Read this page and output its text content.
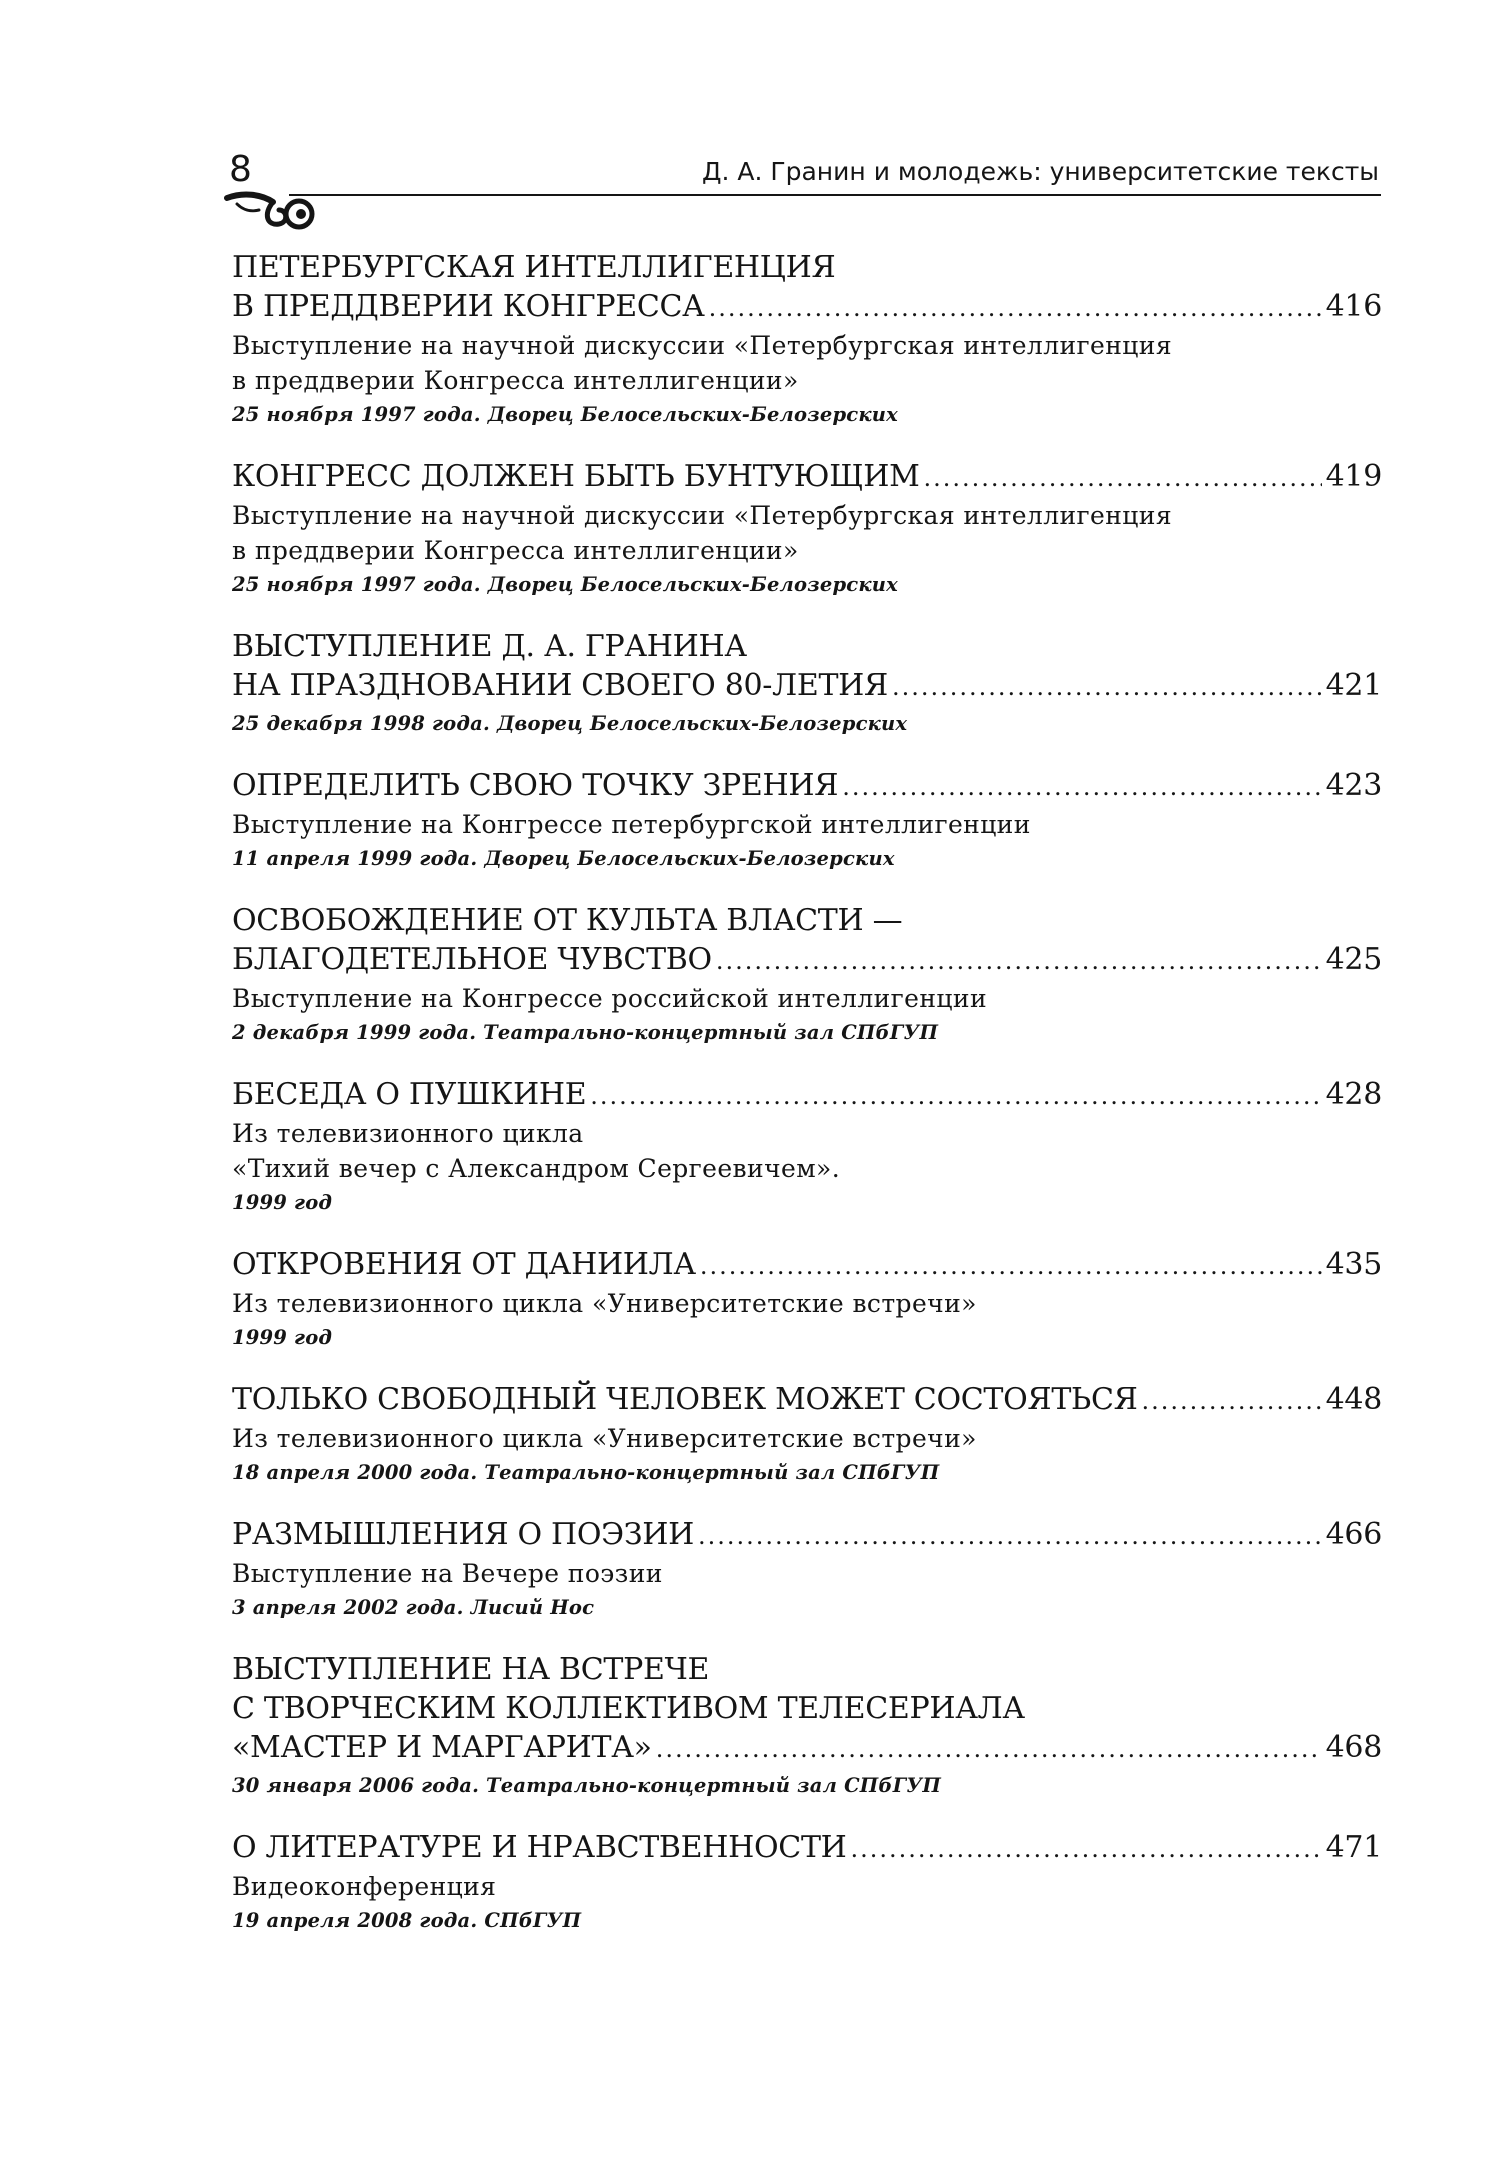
8	Д. А. Гранин и молодежь: университетские тексты
ПЕТЕРБУРГСКАЯ ИНТЕЛЛИГЕНЦИЯ
В ПРЕДДВЕРИИ КОНГРЕССА .....	416
Выступление на научной дискуссии «Петербургская интеллигенция
в преддверии Конгресса интеллигенции»
25 ноября 1997 года. Дворец Белосельских-Белозерских
КОНГРЕСС ДОЛЖЕН БЫТЬ БУНТУЮЩИМ .....	419
Выступление на научной дискуссии «Петербургская интеллигенция
в преддверии Конгресса интеллигенции»
25 ноября 1997 года. Дворец Белосельских-Белозерских
ВЫСТУПЛЕНИЕ Д. А. ГРАНИНА
НА ПРАЗДНОВАНИИ СВОЕГО 80-ЛЕТИЯ .....	421
25 декабря 1998 года. Дворец Белосельских-Белозерских
ОПРЕДЕЛИТЬ СВОЮ ТОЧКУ ЗРЕНИЯ .....	423
Выступление на Конгрессе петербургской интеллигенции
11 апреля 1999 года. Дворец Белосельских-Белозерских
ОСВОБОЖДЕНИЕ ОТ КУЛЬТА ВЛАСТИ —
БЛАГОДЕТЕЛЬНОЕ ЧУВСТВО .....	425
Выступление на Конгрессе российской интеллигенции
2 декабря 1999 года. Театрально-концертный зал СПбГУП
БЕСЕДА О ПУШКИНЕ .....	428
Из телевизионного цикла
«Тихий вечер с Александром Сергеевичем».
1999 год
ОТКРОВЕНИЯ ОТ ДАНИИЛА .....	435
Из телевизионного цикла «Университетские встречи»
1999 год
ТОЛЬКО СВОБОДНЫЙ ЧЕЛОВЕК МОЖЕТ СОСТОЯТЬСЯ .....	448
Из телевизионного цикла «Университетские встречи»
18 апреля 2000 года. Театрально-концертный зал СПбГУП
РАЗМЫШЛЕНИЯ О ПОЭЗИИ .....	466
Выступление на Вечере поэзии
3 апреля 2002 года. Лисий Нос
ВЫСТУПЛЕНИЕ НА ВСТРЕЧЕ
С ТВОРЧЕСКИМ КОЛЛЕКТИВОМ ТЕЛЕСЕРИАЛА
«МАСТЕР И МАРГАРИТА» .....	468
30 января 2006 года. Театрально-концертный зал СПбГУП
О ЛИТЕРАТУРЕ И НРАВСТВЕННОСТИ .....	471
Видеоконференция
19 апреля 2008 года. СПбГУП
